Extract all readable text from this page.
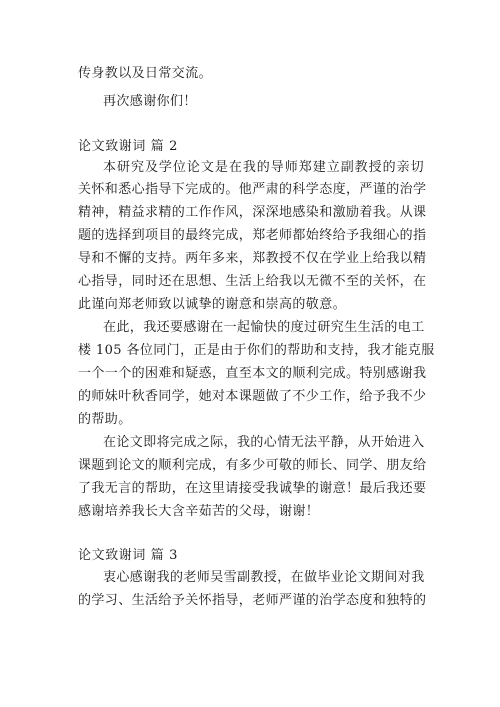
传身教以及日常交流。
再次感谢你们！
论文致谢词 篇 2
本研究及学位论文是在我的导师郑建立副教授的亲切
关怀和悉心指导下完成的。他严肃的科学态度，严谨的治学
精神，精益求精的工作作风，深深地感染和激励着我。从课
题的选择到项目的最终完成，郑老师都始终给予我细心的指
导和不懈的支持。两年多来，郑教授不仅在学业上给我以精
心指导，同时还在思想、生活上给我以无微不至的关怀，在
此谨向郑老师致以诚挚的谢意和崇高的敬意。
在此，我还要感谢在一起愉快的度过研究生生活的电工
楼 105 各位同门，正是由于你们的帮助和支持，我才能克服
一个一个的困难和疑惑，直至本文的顺利完成。特别感谢我
的师妹叶秋香同学，她对本课题做了不少工作，给予我不少
的帮助。
在论文即将完成之际，我的心情无法平静，从开始进入
课题到论文的顺利完成，有多少可敬的师长、同学、朋友给
了我无言的帮助，在这里请接受我诚挚的谢意！最后我还要
感谢培养我长大含辛茹苦的父母，谢谢！
论文致谢词 篇 3
衷心感谢我的老师吴雪副教授，在做毕业论文期间对我
的学习、生活给予关怀指导，老师严谨的治学态度和独特的
